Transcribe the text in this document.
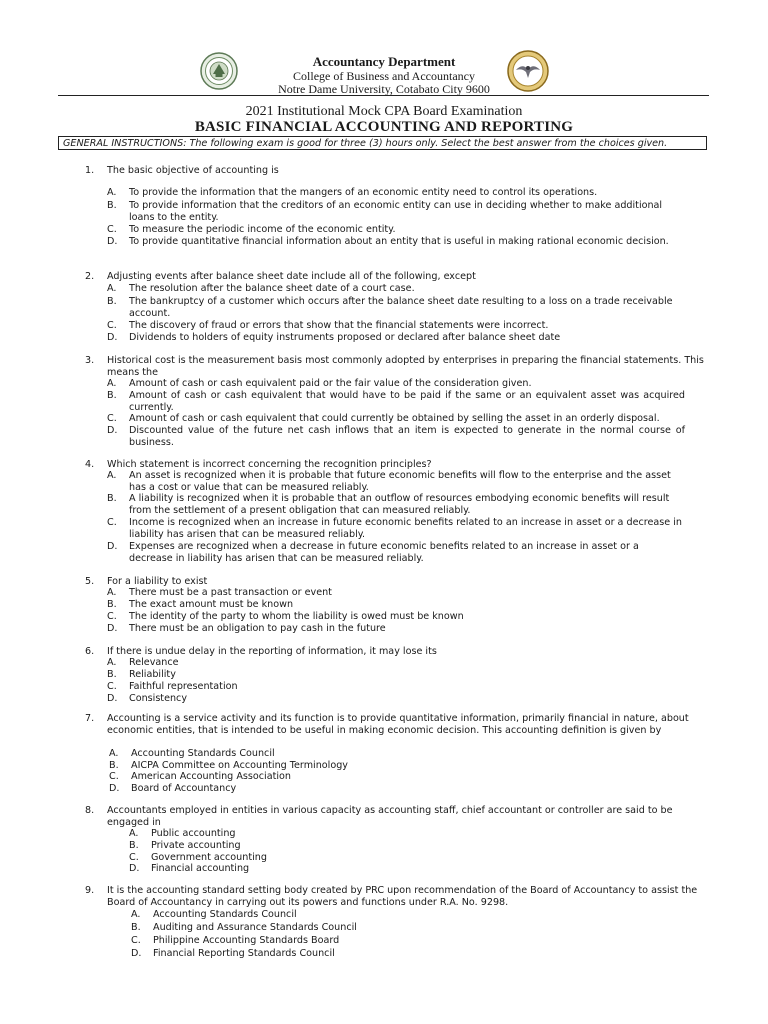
Accountancy Department
College of Business and Accountancy
Notre Dame University, Cotabato City 9600
2021 Institutional Mock CPA Board Examination
BASIC FINANCIAL ACCOUNTING AND REPORTING
GENERAL INSTRUCTIONS: The following exam is good for three (3) hours only. Select the best answer from the choices given.
1. The basic objective of accounting is
A. To provide the information that the mangers of an economic entity need to control its operations.
B. To provide information that the creditors of an economic entity can use in deciding whether to make additional loans to the entity.
C. To measure the periodic income of the economic entity.
D. To provide quantitative financial information about an entity that is useful in making rational economic decision.
2. Adjusting events after balance sheet date include all of the following, except
A. The resolution after the balance sheet date of a court case.
B. The bankruptcy of a customer which occurs after the balance sheet date resulting to a loss on a trade receivable account.
C. The discovery of fraud or errors that show that the financial statements were incorrect.
D. Dividends to holders of equity instruments proposed or declared after balance sheet date
3. Historical cost is the measurement basis most commonly adopted by enterprises in preparing the financial statements. This means the
A. Amount of cash or cash equivalent paid or the fair value of the consideration given.
B. Amount of cash or cash equivalent that would have to be paid if the same or an equivalent asset was acquired currently.
C. Amount of cash or cash equivalent that could currently be obtained by selling the asset in an orderly disposal.
D. Discounted value of the future net cash inflows that an item is expected to generate in the normal course of business.
4. Which statement is incorrect concerning the recognition principles?
A. An asset is recognized when it is probable that future economic benefits will flow to the enterprise and the asset has a cost or value that can be measured reliably.
B. A liability is recognized when it is probable that an outflow of resources embodying economic benefits will result from the settlement of a present obligation that can measured reliably.
C. Income is recognized when an increase in future economic benefits related to an increase in asset or a decrease in liability has arisen that can be measured reliably.
D. Expenses are recognized when a decrease in future economic benefits related to an increase in asset or a decrease in liability has arisen that can be measured reliably.
5. For a liability to exist
A. There must be a past transaction or event
B. The exact amount must be known
C. The identity of the party to whom the liability is owed must be known
D. There must be an obligation to pay cash in the future
6. If there is undue delay in the reporting of information, it may lose its
A. Relevance
B. Reliability
C. Faithful representation
D. Consistency
7. Accounting is a service activity and its function is to provide quantitative information, primarily financial in nature, about economic entities, that is intended to be useful in making economic decision. This accounting definition is given by
A. Accounting Standards Council
B. AICPA Committee on Accounting Terminology
C. American Accounting Association
D. Board of Accountancy
8. Accountants employed in entities in various capacity as accounting staff, chief accountant or controller are said to be engaged in
A. Public accounting
B. Private accounting
C. Government accounting
D. Financial accounting
9. It is the accounting standard setting body created by PRC upon recommendation of the Board of Accountancy to assist the Board of Accountancy in carrying out its powers and functions under R.A. No. 9298.
A. Accounting Standards Council
B. Auditing and Assurance Standards Council
C. Philippine Accounting Standards Board
D. Financial Reporting Standards Council
